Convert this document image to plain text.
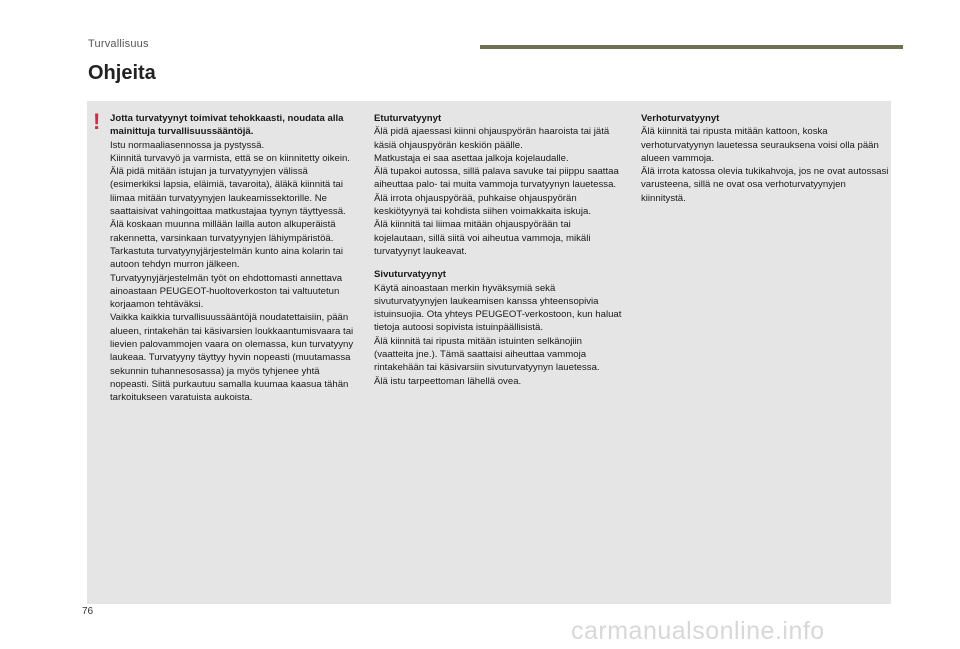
Turvallisuus
Ohjeita
! Jotta turvatyynyt toimivat tehokkaasti, noudata alla mainittuja turvallisuussääntöjä.

Istu normaaliasennossa ja pystyssä.

Kiinnitä turvavyö ja varmista, että se on kiinnitetty oikein.

Älä pidä mitään istujan ja turvatyynyjen välissä (esimerkiksi lapsia, eläimiä, tavaroita), äläkä kiinnitä tai liimaa mitään turvatyynyjen laukeamissektorille. Ne saattaisivat vahingoittaa matkustajaa tyynyn täyttyessä.

Älä koskaan muunna millään lailla auton alkuperäistä rakennetta, varsinkaan turvatyynyjen lähiympäristöä.

Tarkastuta turvatyynyjärjestelmän kunto aina kolarin tai autoon tehdyn murron jälkeen.

Turvatyynyjärjestelmän työt on ehdottomasti annettava ainoastaan PEUGEOT-huoltoverkoston tai valtuutetun korjaamon tehtäväksi.

Vaikka kaikkia turvallisuussääntöjä noudatettaisiin, pään alueen, rintakehän tai käsivarsien loukkaantumisvaara tai lievien palovammojen vaara on olemassa, kun turvatyyny laukeaa. Turvatyyny täyttyy hyvin nopeasti (muutamassa sekunnin tuhannesosassa) ja myös tyhjenee yhtä nopeasti. Siitä purkautuu samalla kuumaa kaasua tähän tarkoitukseen varatuista aukoista.

Etuturvatyynyt

Älä pidä ajaessasi kiinni ohjauspyörän haaroista tai jätä käsiä ohjauspyörän keskiön päälle.

Matkustaja ei saa asettaa jalkoja kojelaudalle.

Älä tupakoi autossa, sillä palava savuke tai piippu saattaa aiheuttaa palo- tai muita vammoja turvatyynyn lauetessa.

Älä irrota ohjauspyörää, puhkaise ohjauspyörän keskiötyynyä tai kohdista siihen voimakkaita iskuja.

Älä kiinnitä tai liimaa mitään ohjauspyörään tai kojelautaan, sillä siitä voi aiheutua vammoja, mikäli turvatyynyt laukeavat.

Sivuturvatyynyt

Käytä ainoastaan merkin hyväksymiä sekä sivuturvatyynyjen laukeamisen kanssa yhteensopivia istuinsuojia. Ota yhteys PEUGEOT-verkostoon, kun haluat tietoja autoosi sopivista istuinpäällisistä.

Älä kiinnitä tai ripusta mitään istuinten selkänojiin (vaatteita jne.). Tämä saattaisi aiheuttaa vammoja rintakehään tai käsivarsiin sivuturvatyynyn lauetessa.

Älä istu tarpeettoman lähellä ovea.

Verhoturvatyynyt

Älä kiinnitä tai ripusta mitään kattoon, koska verhoturvatyynyn lauetessa seurauksena voisi olla pään alueen vammoja.

Älä irrota katossa olevia tukikahvoja, jos ne ovat autossasi varusteena, sillä ne ovat osa verhoturvatyynyjen kiinnitystä.

76
carmanualsonline.info
